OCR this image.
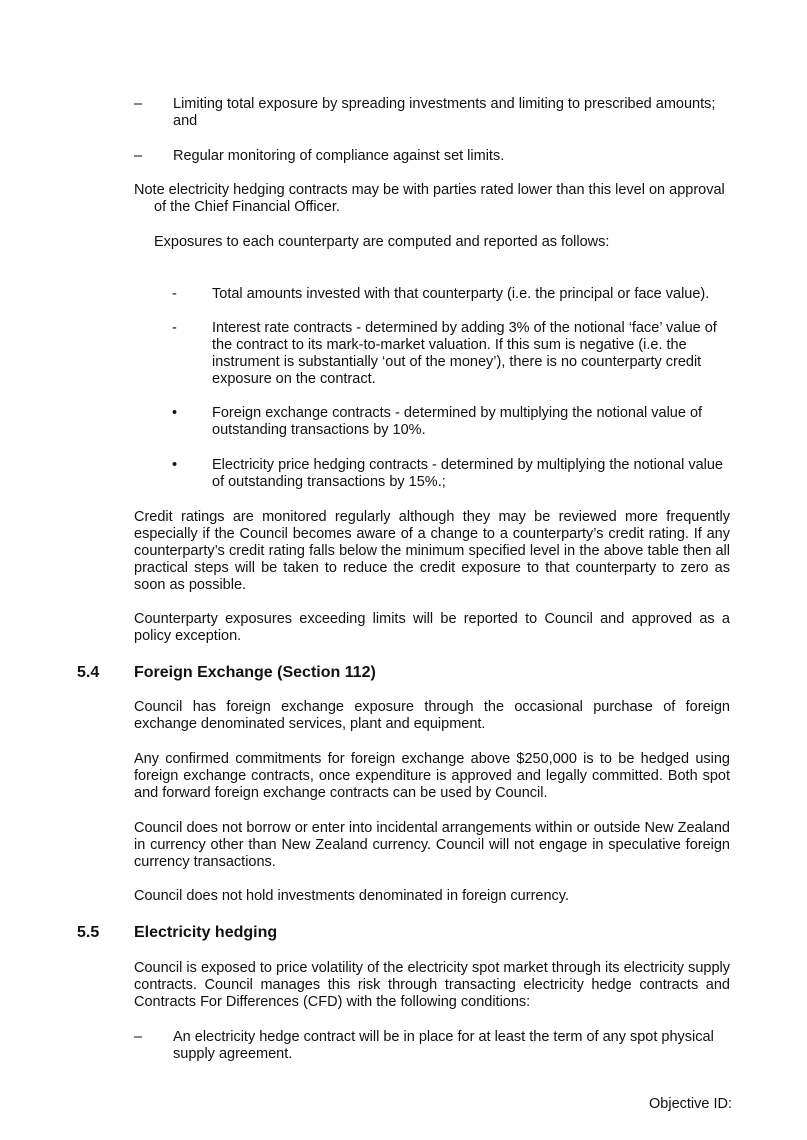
–	Limiting total exposure by spreading investments and limiting to prescribed amounts; and
–	Regular monitoring of compliance against set limits.
Note electricity hedging contracts may be with parties rated lower than this level on approval
of the Chief Financial Officer.

Exposures to each counterparty are computed and reported as follows:

-	Total amounts invested with that counterparty (i.e. the principal or face value).
-	Interest rate contracts - determined by adding 3% of the notional ‘face’ value of the contract to its mark-to-market valuation. If this sum is negative (i.e. the instrument is substantially ‘out of the money’), there is no counterparty credit exposure on the contract.
•	Foreign exchange contracts - determined by multiplying the notional value of outstanding transactions by 10%.
•	Electricity price hedging contracts - determined by multiplying the notional value of outstanding transactions by 15%.;

Credit ratings are monitored regularly although they may be reviewed more frequently especially if the Council becomes aware of a change to a counterparty’s credit rating. If any counterparty’s credit rating falls below the minimum specified level in the above table then all practical steps will be taken to reduce the credit exposure to that counterparty to zero as soon as possible.

Counterparty exposures exceeding limits will be reported to Council and approved as a policy exception.

5.4 Foreign Exchange (Section 112)

Council has foreign exchange exposure through the occasional purchase of foreign exchange denominated services, plant and equipment.

Any confirmed commitments for foreign exchange above $250,000 is to be hedged using foreign exchange contracts, once expenditure is approved and legally committed. Both spot and forward foreign exchange contracts can be used by Council.

Council does not borrow or enter into incidental arrangements within or outside New Zealand in currency other than New Zealand currency. Council will not engage in speculative foreign currency transactions.

Council does not hold investments denominated in foreign currency.

5.5 Electricity hedging

Council is exposed to price volatility of the electricity spot market through its electricity supply contracts. Council manages this risk through transacting electricity hedge contracts and Contracts For Differences (CFD) with the following conditions:

–	An electricity hedge contract will be in place for at least the term of any spot physical supply agreement.
Objective ID:
